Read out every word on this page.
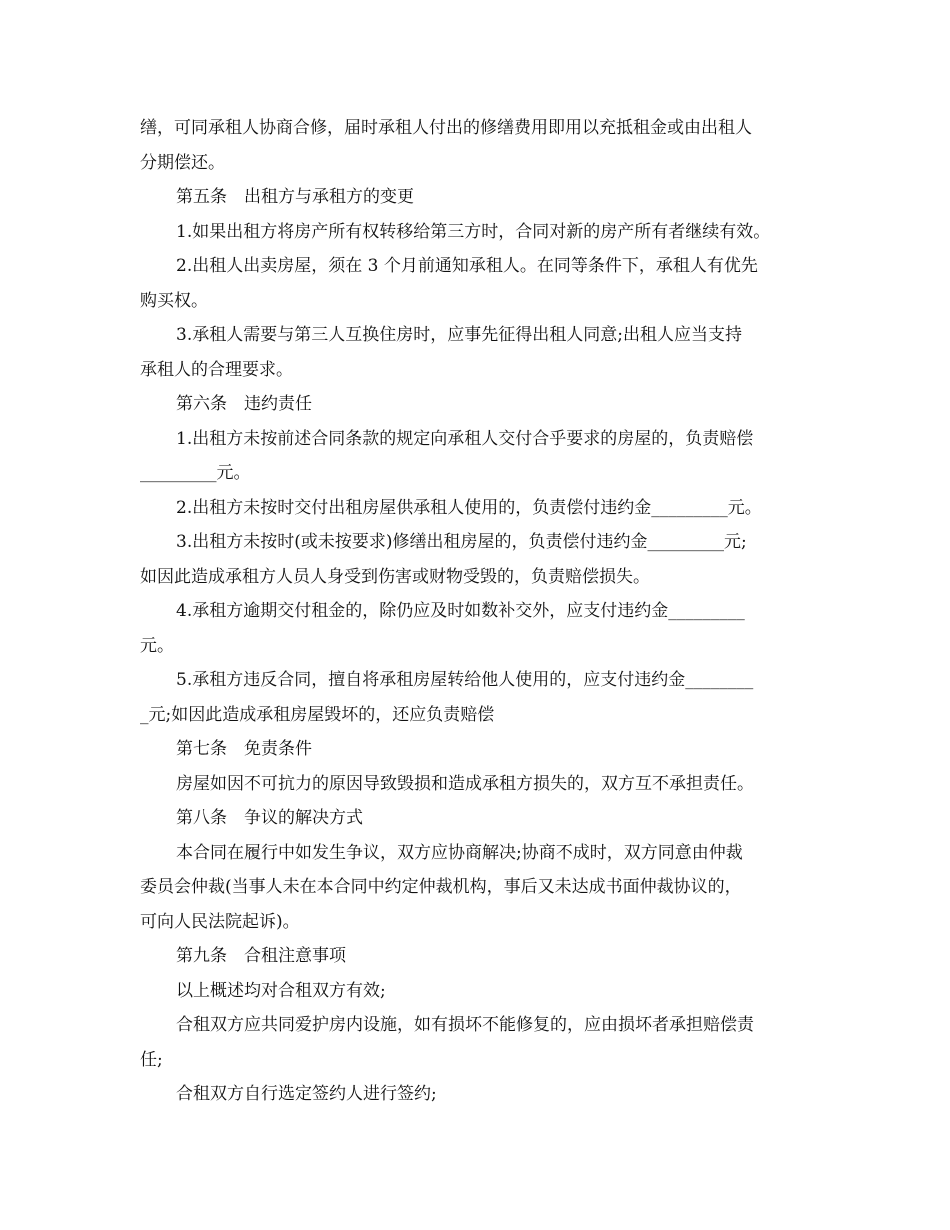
缮，可同承租人协商合修，届时承租人付出的修缮费用即用以充抵租金或由出租人
分期偿还。
第五条　出租方与承租方的变更
1.如果出租方将房产所有权转移给第三方时，合同对新的房产所有者继续有效。
2.出租人出卖房屋，须在 3 个月前通知承租人。在同等条件下，承租人有优先
购买权。
3.承租人需要与第三人互换住房时，应事先征得出租人同意;出租人应当支持
承租人的合理要求。
第六条　违约责任
1.出租方未按前述合同条款的规定向承租人交付合乎要求的房屋的，负责赔偿
_________元。
2.出租方未按时交付出租房屋供承租人使用的，负责偿付违约金_________元。
3.出租方未按时(或未按要求)修缮出租房屋的，负责偿付违约金_________元;
如因此造成承租方人员人身受到伤害或财物受毁的，负责赔偿损失。
4.承租方逾期交付租金的，除仍应及时如数补交外，应支付违约金_________
元。
5.承租方违反合同，擅自将承租房屋转给他人使用的，应支付违约金________
_元;如因此造成承租房屋毁坏的，还应负责赔偿
第七条　免责条件
房屋如因不可抗力的原因导致毁损和造成承租方损失的，双方互不承担责任。
第八条　争议的解决方式
本合同在履行中如发生争议，双方应协商解决;协商不成时，双方同意由仲裁
委员会仲裁(当事人未在本合同中约定仲裁机构，事后又未达成书面仲裁协议的，
可向人民法院起诉)。
第九条　合租注意事项
以上概述均对合租双方有效;
合租双方应共同爱护房内设施，如有损坏不能修复的，应由损坏者承担赔偿责
任;
合租双方自行选定签约人进行签约;
